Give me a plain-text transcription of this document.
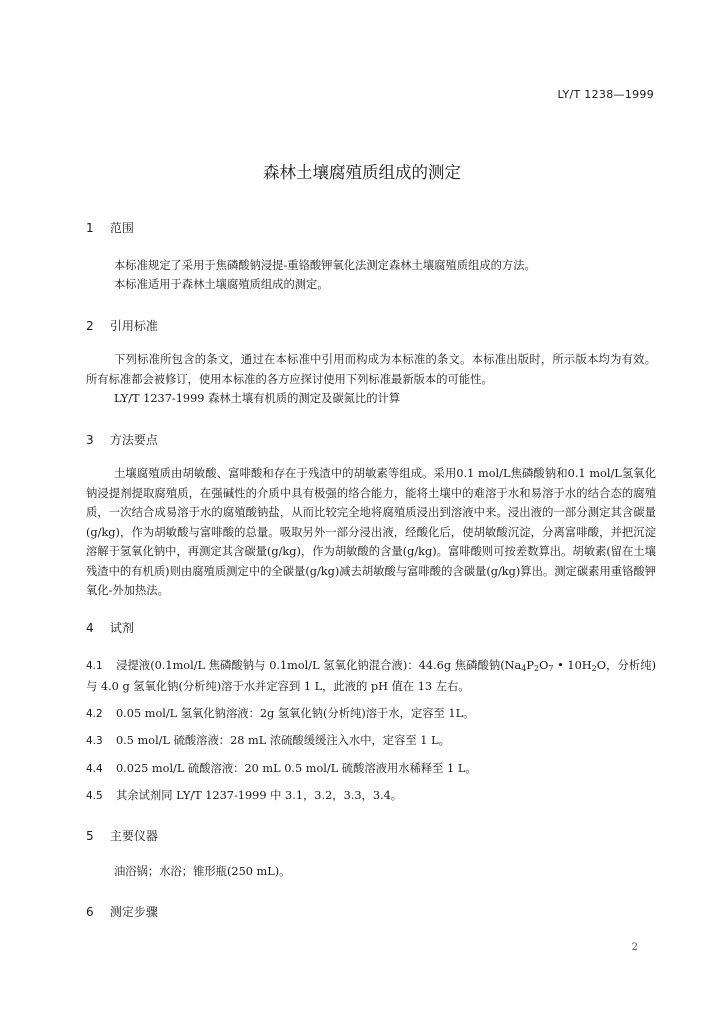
LY/T 1238—1999
森林土壤腐殖质组成的测定
1 范围
本标准规定了采用于焦磷酸钠浸提-重铬酸钾氧化法测定森林土壤腐殖质组成的方法。
本标准适用于森林土壤腐殖质组成的测定。
2 引用标准
下列标准所包含的条文，通过在本标准中引用而构成为本标准的条文。本标准出版时，所示版本均为有效。所有标准都会被修订，使用本标准的各方应探讨使用下列标准最新版本的可能性。
LY/T 1237-1999 森林土壤有机质的测定及碳氮比的计算
3 方法要点
土壤腐殖质由胡敏酸、富啡酸和存在于残渣中的胡敏素等组成。采用0.1 mol/L焦磷酸钠和0.1 mol/L氢氧化钠浸提剂提取腐殖质，在强碱性的介质中具有极强的络合能力，能将土壤中的难溶于水和易溶于水的结合态的腐殖质，一次结合成易溶于水的腐殖酸钠盐，从而比较完全地将腐殖质浸出到溶液中来。浸出液的一部分测定其含碳量(g/kg)，作为胡敏酸与富啡酸的总量。吸取另外一部分浸出液，经酸化后，使胡敏酸沉淀，分离富啡酸，并把沉淀溶解于氢氧化钠中，再测定其含碳量(g/kg)，作为胡敏酸的含量(g/kg)。富啡酸则可按差数算出。胡敏素(留在土壤残渣中的有机质)则由腐殖质测定中的全碳量(g/kg)减去胡敏酸与富啡酸的含碳量(g/kg)算出。测定碳素用重铬酸钾氧化-外加热法。
4 试剂
4.1 浸提液(0.1mol/L 焦磷酸钠与 0.1mol/L 氢氧化钠混合液)：44.6g 焦磷酸钠($Na_4P_2O_7$ • $10H_2O$，分析纯)与 4.0 g 氢氧化钠(分析纯)溶于水并定容到 1 L，此液的 pH 值在 13 左右。
4.2 0.05 mol/L 氢氧化钠溶液：2g 氢氧化钠(分析纯)溶于水，定容至 1L。
4.3 0.5 mol/L 硫酸溶液：28 mL 浓硫酸缓缓注入水中，定容至 1 L。
4.4 0.025 mol/L 硫酸溶液：20 mL 0.5 mol/L 硫酸溶液用水稀释至 1 L。
4.5 其余试剂同 LY/T 1237-1999 中 3.1，3.2，3.3，3.4。
5 主要仪器
油浴锅；水浴；锥形瓶(250 mL)。
6 测定步骤
2
